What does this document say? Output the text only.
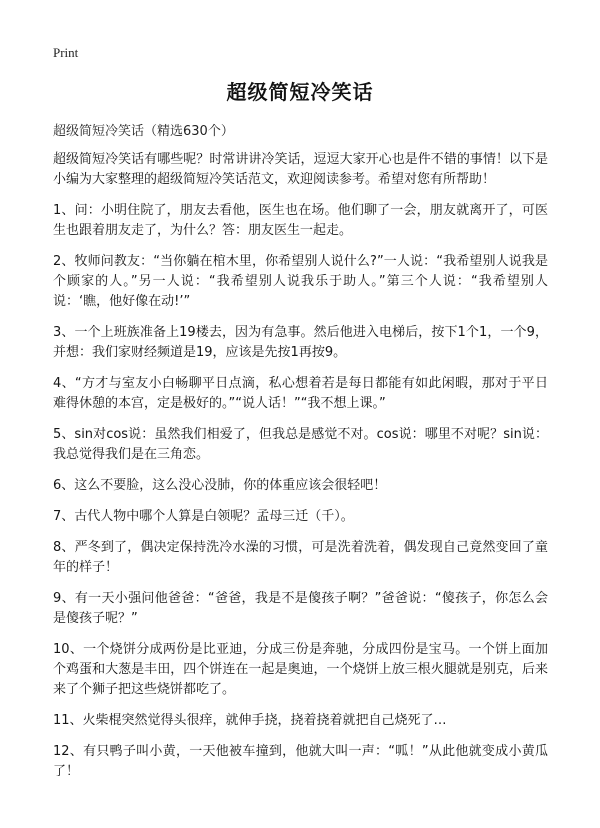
Print
超级简短冷笑话

超级简短冷笑话（精选630个）

超级简短冷笑话有哪些呢？时常讲讲冷笑话，逗逗大家开心也是件不错的事情！以下是小编为大家整理的超级简短冷笑话范文，欢迎阅读参考。希望对您有所帮助！

1、问：小明住院了，朋友去看他，医生也在场。他们聊了一会，朋友就离开了，可医生也跟着朋友走了，为什么？答：朋友医生一起走。

2、牧师问教友：“当你躺在棺木里，你希望别人说什么?”一人说：“我希望别人说我是个顾家的人。”另一人说：“我希望别人说我乐于助人。”第三个人说：“我希望别人说：‘瞧，他好像在动!’”

3、一个上班族准备上19楼去，因为有急事。然后他进入电梯后，按下1个1，一个9，并想：我们家财经频道是19，应该是先按1再按9。

4、“方才与室友小白畅聊平日点滴，私心想着若是每日都能有如此闲暇，那对于平日难得休憩的本宫，定是极好的。”“说人话！”“我不想上课。”

5、sin对cos说：虽然我们相爱了，但我总是感觉不对。cos说：哪里不对呢？sin说：我总觉得我们是在三角恋。

6、这么不要脸，这么没心没肺，你的体重应该会很轻吧！

7、古代人物中哪个人算是白领呢？孟母三迁（千）。

8、严冬到了，偶决定保持洗冷水澡的习惯，可是洗着洗着，偶发现自己竟然变回了童年的样子！

9、有一天小强问他爸爸：“爸爸，我是不是傻孩子啊？”爸爸说：“傻孩子，你怎么会是傻孩子呢？”

10、一个烧饼分成两份是比亚迪，分成三份是奔驰，分成四份是宝马。一个饼上面加个鸡蛋和大葱是丰田，四个饼连在一起是奥迪，一个烧饼上放三根火腿就是别克，后来来了个狮子把这些烧饼都吃了。

11、火柴棍突然觉得头很痒，就伸手挠，挠着挠着就把自己烧死了…

12、有只鸭子叫小黄，一天他被车撞到，他就大叫一声：“呱！”从此他就变成小黄瓜了！
